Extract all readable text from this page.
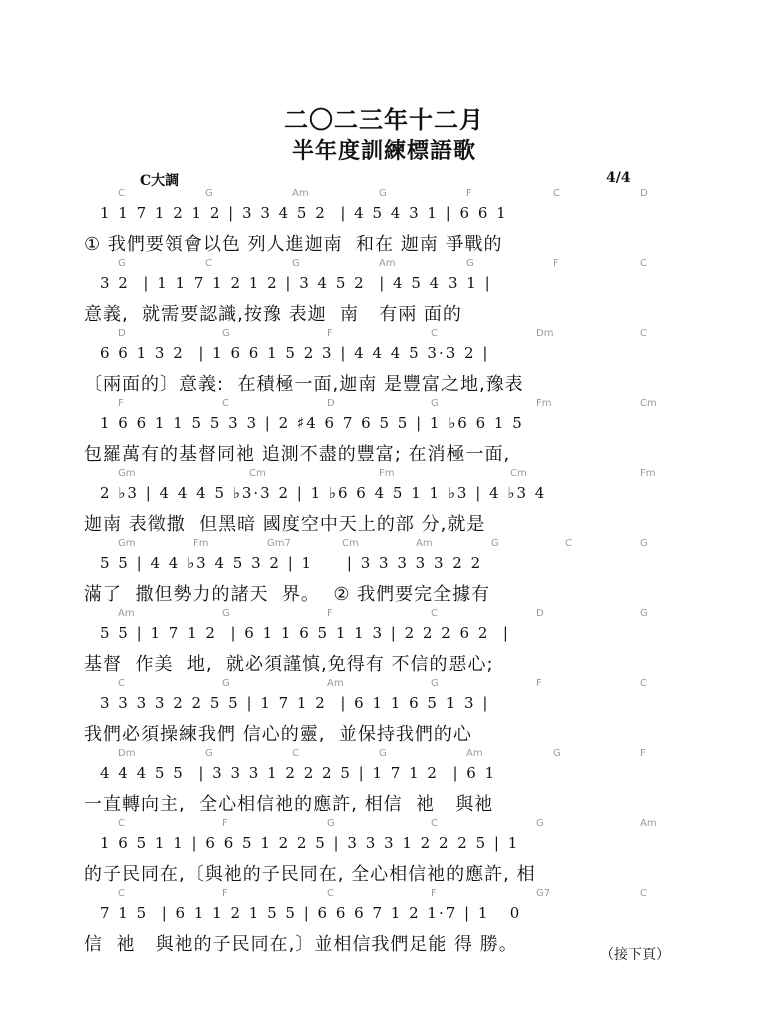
二〇二三年十二月
半年度訓練標語歌
C大調	4/4
C	G	Am	G	F	C	D
1 1 7 1 2 1 2 | 3 3 4 5 2  | 4 5 4 3 1 | 6 6 1
① 我們要領會以色 列人進迦南  和在 迦南 爭戰的
G	C	G	Am	G	F	C
3 2  | 1 1 7 1 2 1 2 | 3 4 5 2  | 4 5 4 3 1 |
意義,  就需要認識,按豫 表迦  南   有兩 面的
D	G	F	C	Dm	C
6 6 1 3 2  | 1 6 6 1 5 2 3 | 4 4 4 5 3·3 2 |
〔兩面的〕意義:  在積極一面,迦南 是豐富之地,豫表
F	C	D	G	Fm	Cm
1 6 6 1 1 5 5 3 3 | 2 ♯4 6 7 6 5 5 | 1 ♭6 6 1 5
包羅萬有的基督同祂 追測不盡的豐富; 在消極一面,
Gm	Cm	Fm	Cm	Fm
2 ♭3 | 4 4 4 5 ♭3·3 2 | 1 ♭6 6 4 5 1 1 ♭3 | 4 ♭3 4
迦南 表徵撒  但黑暗 國度空中天上的部 分,就是
Gm	Fm	Gm7	Cm	Am	G	C	G
5 5 | 4 4 ♭3 4 5 3 2 | 1     | 3 3 3 3 3 2 2
滿了  撒但勢力的諸天  界。  ② 我們要完全據有
Am	G	F	C	D	G
5 5 | 1 7 1 2  | 6 1 1 6 5 1 1 3 | 2 2 2 6 2  |
基督  作美  地,  就必須謹慎,免得有 不信的惡心;
C	G	Am	G	F	C
3 3 3 3 2 2 5 5 | 1 7 1 2  | 6 1 1 6 5 1 3 |
我們必須操練我們 信心的靈,  並保持我們的心
Dm	G	C	G	Am	G	F
4 4 4 5 5  | 3 3 3 1 2 2 2 5 | 1 7 1 2  | 6 1
一直轉向主,  全心相信祂的應許, 相信  祂   與祂
C	F	G	C	G	Am
1 6 5 1 1 | 6 6 5 1 2 2 5 | 3 3 3 1 2 2 2 5 | 1
的子民同在,〔與祂的子民同在, 全心相信祂的應許, 相
C	F	C	F	G7	C
7 1 5  | 6 1 1 2 1 5 5 | 6 6 6 7 1 2 1·7 | 1   0
信  祂   與祂的子民同在,〕並相信我們足能 得 勝。	（接下頁）
